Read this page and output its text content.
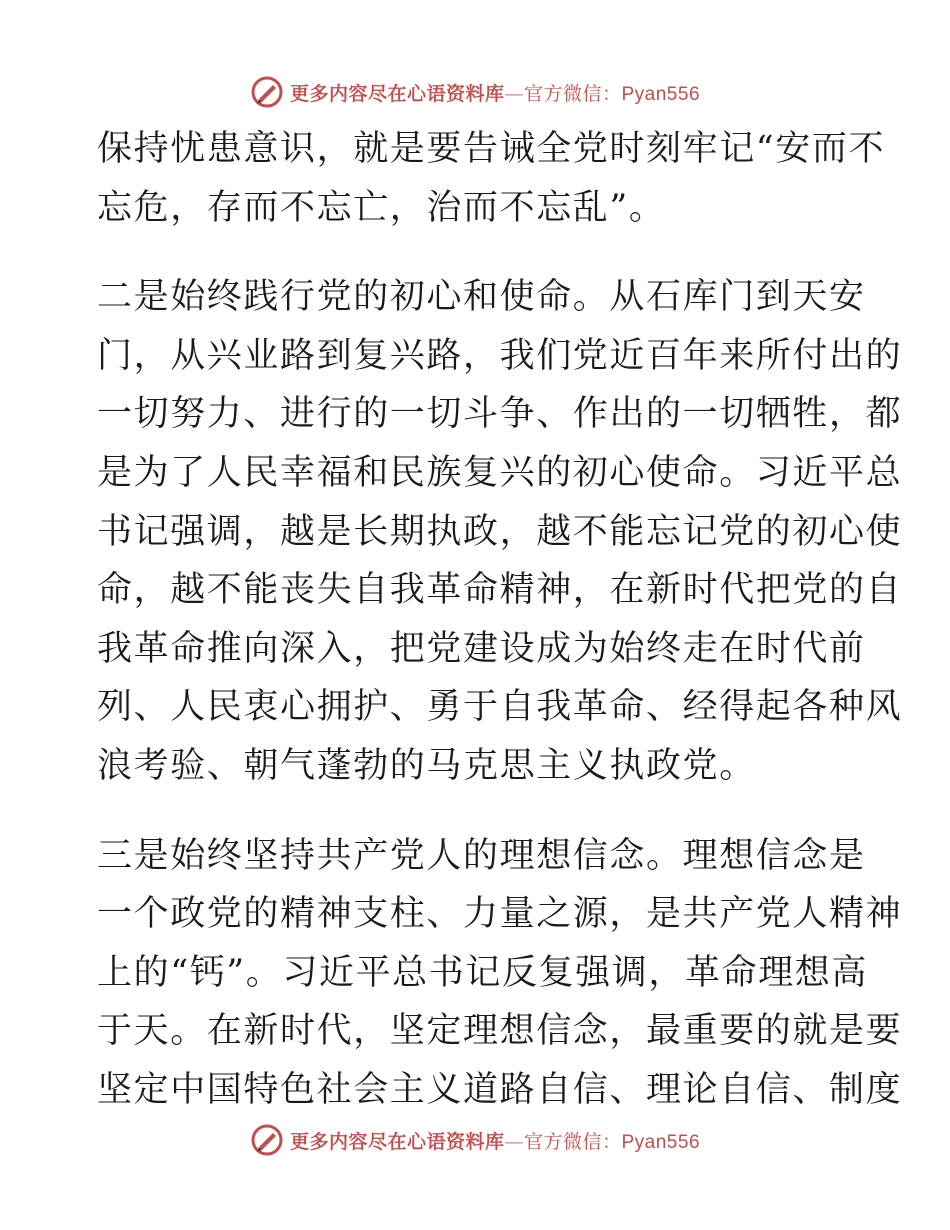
更多内容尽在心语资料库—官方微信：Pyan556
保持忧患意识，就是要告诫全党时刻牢记“安而不
忘危，存而不忘亡，治而不忘乱”。
二是始终践行党的初心和使命。从石库门到天安
门，从兴业路到复兴路，我们党近百年来所付出的
一切努力、进行的一切斗争、作出的一切牺牲，都
是为了人民幸福和民族复兴的初心使命。习近平总
书记强调，越是长期执政，越不能忘记党的初心使
命，越不能丧失自我革命精神，在新时代把党的自
我革命推向深入，把党建设成为始终走在时代前
列、人民衷心拥护、勇于自我革命、经得起各种风
浪考验、朝气蓬勃的马克思主义执政党。
三是始终坚持共产党人的理想信念。理想信念是
一个政党的精神支柱、力量之源，是共产党人精神
上的“钙”。习近平总书记反复强调，革命理想高
于天。在新时代，坚定理想信念，最重要的就是要
坚定中国特色社会主义道路自信、理论自信、制度
更多内容尽在心语资料库—官方微信：Pyan556
